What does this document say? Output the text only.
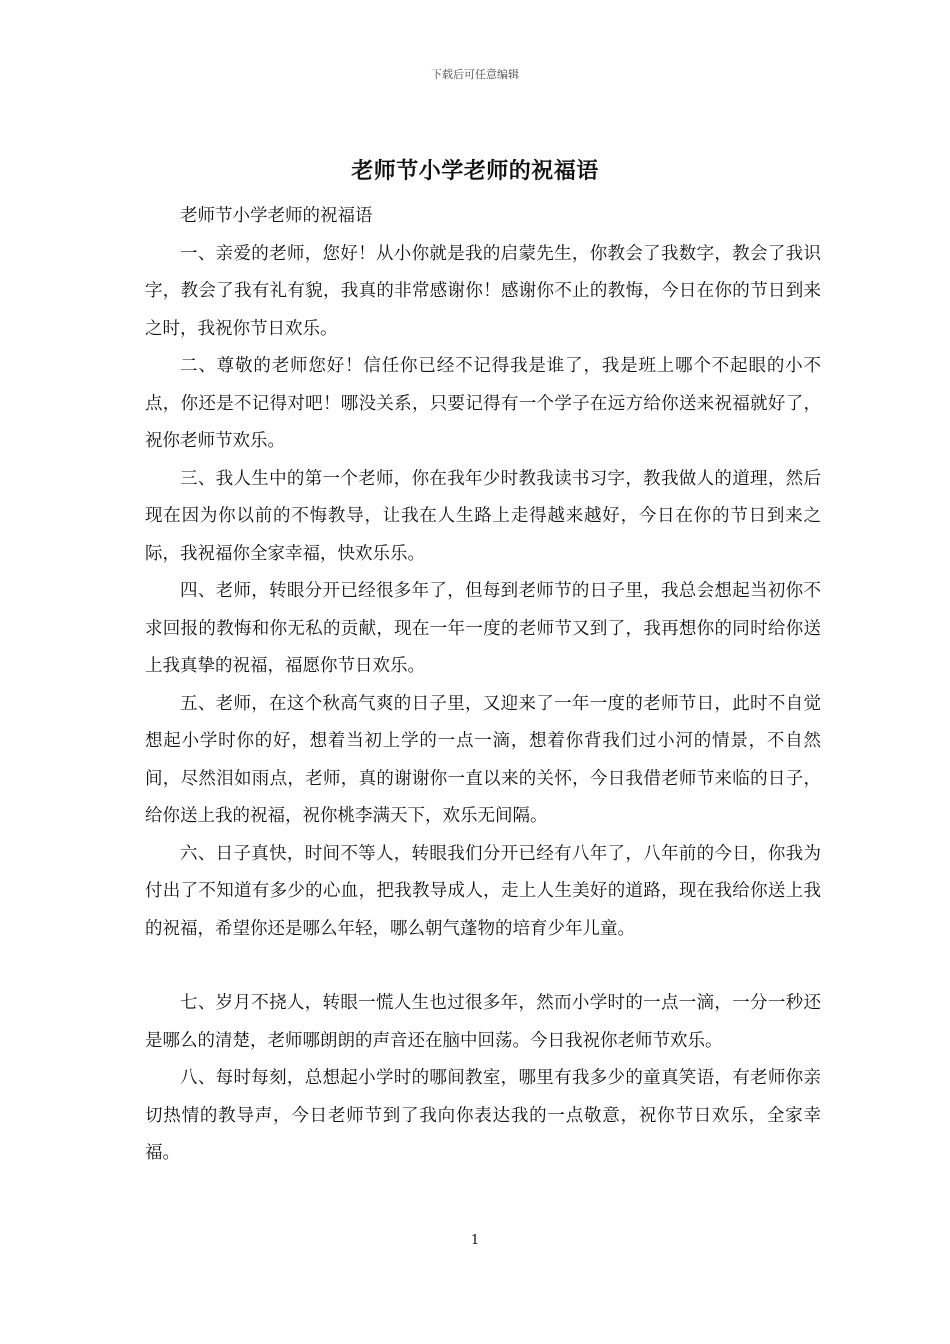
下载后可任意编辑
老师节小学老师的祝福语

老师节小学老师的祝福语

一、亲爱的老师，您好！从小你就是我的启蒙先生，你教会了我数字，教会了我识字，教会了我有礼有貌，我真的非常感谢你！感谢你不止的教悔，今日在你的节日到来之时，我祝你节日欢乐。

二、尊敬的老师您好！信任你已经不记得我是谁了，我是班上哪个不起眼的小不点，你还是不记得对吧！哪没关系，只要记得有一个学子在远方给你送来祝福就好了，祝你老师节欢乐。

三、我人生中的第一个老师，你在我年少时教我读书习字，教我做人的道理，然后现在因为你以前的不悔教导，让我在人生路上走得越来越好，今日在你的节日到来之际，我祝福你全家幸福，快欢乐乐。

四、老师，转眼分开已经很多年了，但每到老师节的日子里，我总会想起当初你不求回报的教悔和你无私的贡献，现在一年一度的老师节又到了，我再想你的同时给你送上我真挚的祝福，福愿你节日欢乐。

五、老师，在这个秋高气爽的日子里，又迎来了一年一度的老师节日，此时不自觉想起小学时你的好，想着当初上学的一点一滴，想着你背我们过小河的情景，不自然间，尽然泪如雨点，老师，真的谢谢你一直以来的关怀，今日我借老师节来临的日子，给你送上我的祝福，祝你桃李满天下，欢乐无间隔。

六、日子真快，时间不等人，转眼我们分开已经有八年了，八年前的今日，你我为付出了不知道有多少的心血，把我教导成人，走上人生美好的道路，现在我给你送上我的祝福，希望你还是哪么年轻，哪么朝气蓬物的培育少年儿童。

七、岁月不挠人，转眼一慌人生也过很多年，然而小学时的一点一滴，一分一秒还是哪么的清楚，老师哪朗朗的声音还在脑中回荡。今日我祝你老师节欢乐。

八、每时每刻，总想起小学时的哪间教室，哪里有我多少的童真笑语，有老师你亲切热情的教导声，今日老师节到了我向你表达我的一点敬意，祝你节日欢乐，全家幸福。

1
